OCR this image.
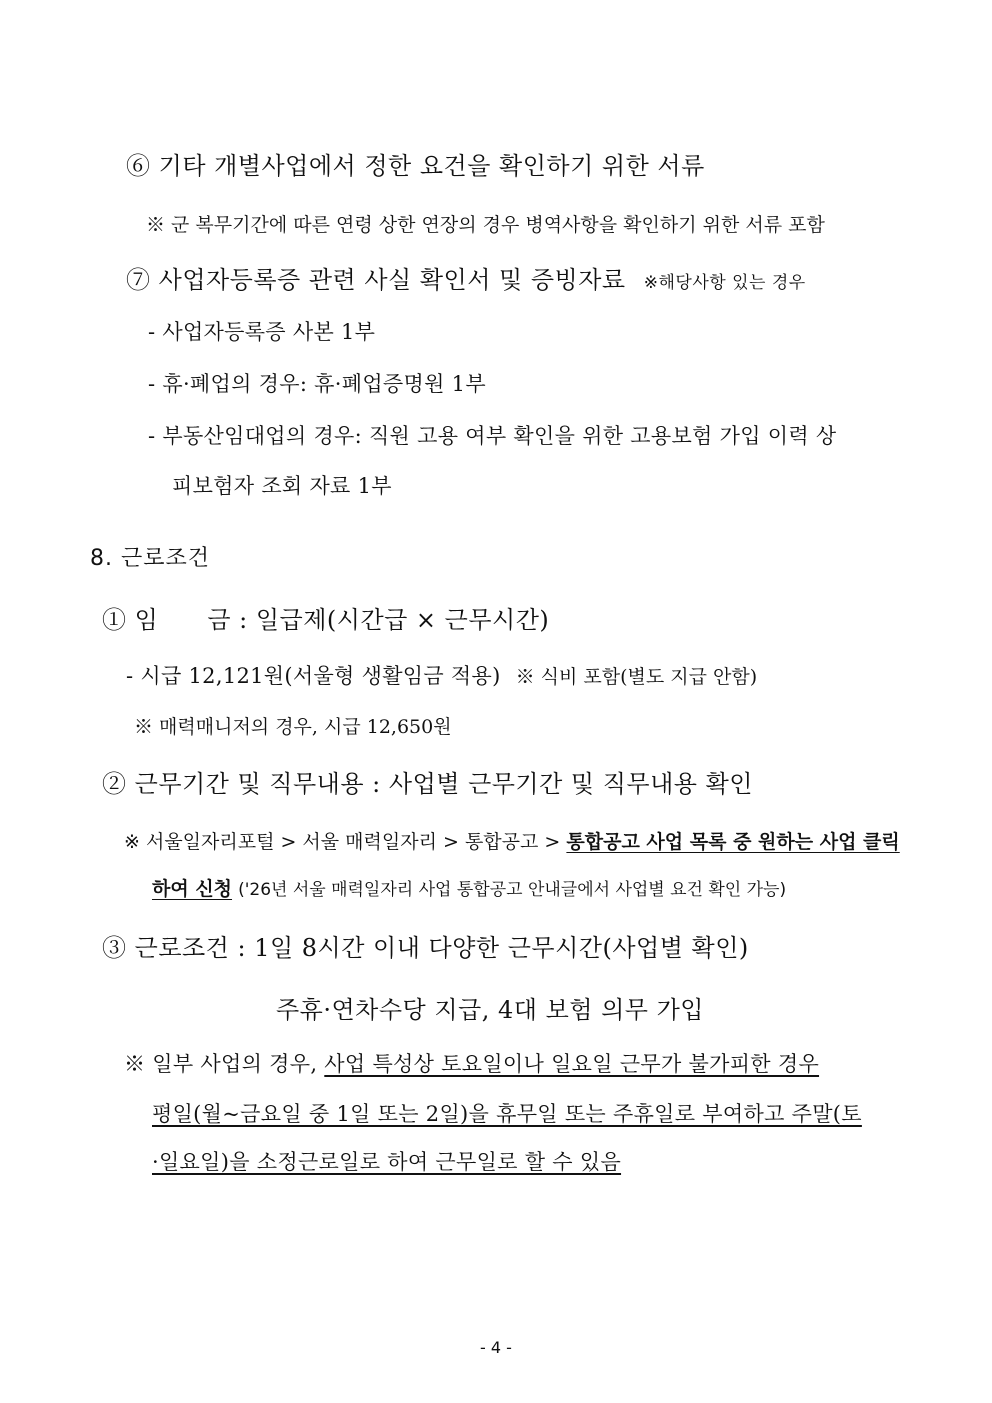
⑥ 기타 개별사업에서 정한 요건을 확인하기 위한 서류
※ 군 복무기간에 따른 연령 상한 연장의 경우 병역사항을 확인하기 위한 서류 포함
⑦ 사업자등록증 관련 사실 확인서 및 증빙자료 ※해당사항 있는 경우
- 사업자등록증 사본 1부
- 휴·폐업의 경우: 휴·폐업증명원 1부
- 부동산임대업의 경우: 직원 고용 여부 확인을 위한 고용보험 가입 이력 상
피보험자 조회 자료 1부
8. 근로조건
① 임　　금 : 일급제(시간급 × 근무시간)
- 시급 12,121원(서울형 생활임금 적용) ※ 식비 포함(별도 지급 안함)
※ 매력매니저의 경우, 시급 12,650원
② 근무기간 및 직무내용 : 사업별 근무기간 및 직무내용 확인
※ 서울일자리포털 > 서울 매력일자리 > 통합공고 > 통합공고 사업 목록 중 원하는 사업 클릭
하여 신청 ('26년 서울 매력일자리 사업 통합공고 안내글에서 사업별 요건 확인 가능)
③ 근로조건 : 1일 8시간 이내 다양한 근무시간(사업별 확인)
주휴·연차수당 지급, 4대 보험 의무 가입
※ 일부 사업의 경우, 사업 특성상 토요일이나 일요일 근무가 불가피한 경우
평일(월~금요일 중 1일 또는 2일)을 휴무일 또는 주휴일로 부여하고 주말(토
·일요일)을 소정근로일로 하여 근무일로 할 수 있음
- 4 -
